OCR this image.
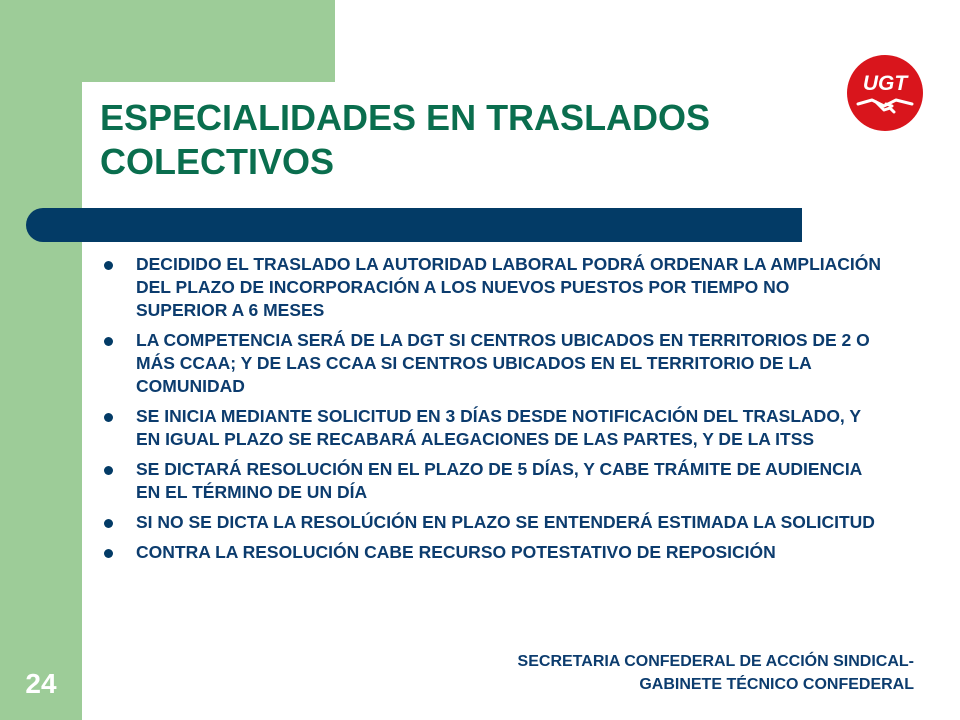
ESPECIALIDADES EN TRASLADOS
COLECTIVOS
UGT
DECIDIDO EL TRASLADO LA AUTORIDAD LABORAL PODRÁ ORDENAR LA AMPLIACIÓN DEL PLAZO DE INCORPORACIÓN A LOS NUEVOS PUESTOS POR TIEMPO NO SUPERIOR A 6 MESES
LA COMPETENCIA SERÁ DE LA DGT SI CENTROS UBICADOS EN TERRITORIOS DE 2 O MÁS CCAA; Y DE LAS CCAA SI CENTROS UBICADOS EN EL TERRITORIO DE LA COMUNIDAD
SE INICIA MEDIANTE SOLICITUD EN 3 DÍAS DESDE NOTIFICACIÓN DEL TRASLADO, Y EN IGUAL PLAZO SE RECABARÁ ALEGACIONES DE LAS PARTES, Y DE LA ITSS
SE DICTARÁ RESOLUCIÓN EN EL PLAZO DE 5 DÍAS, Y CABE TRÁMITE DE AUDIENCIA EN EL TÉRMINO DE UN DÍA
SI NO SE DICTA LA RESOLÚCIÓN EN PLAZO SE ENTENDERÁ ESTIMADA LA SOLICITUD
CONTRA LA RESOLUCIÓN CABE RECURSO POTESTATIVO DE REPOSICIÓN
24
SECRETARIA CONFEDERAL DE ACCIÓN SINDICAL-
GABINETE TÉCNICO CONFEDERAL
